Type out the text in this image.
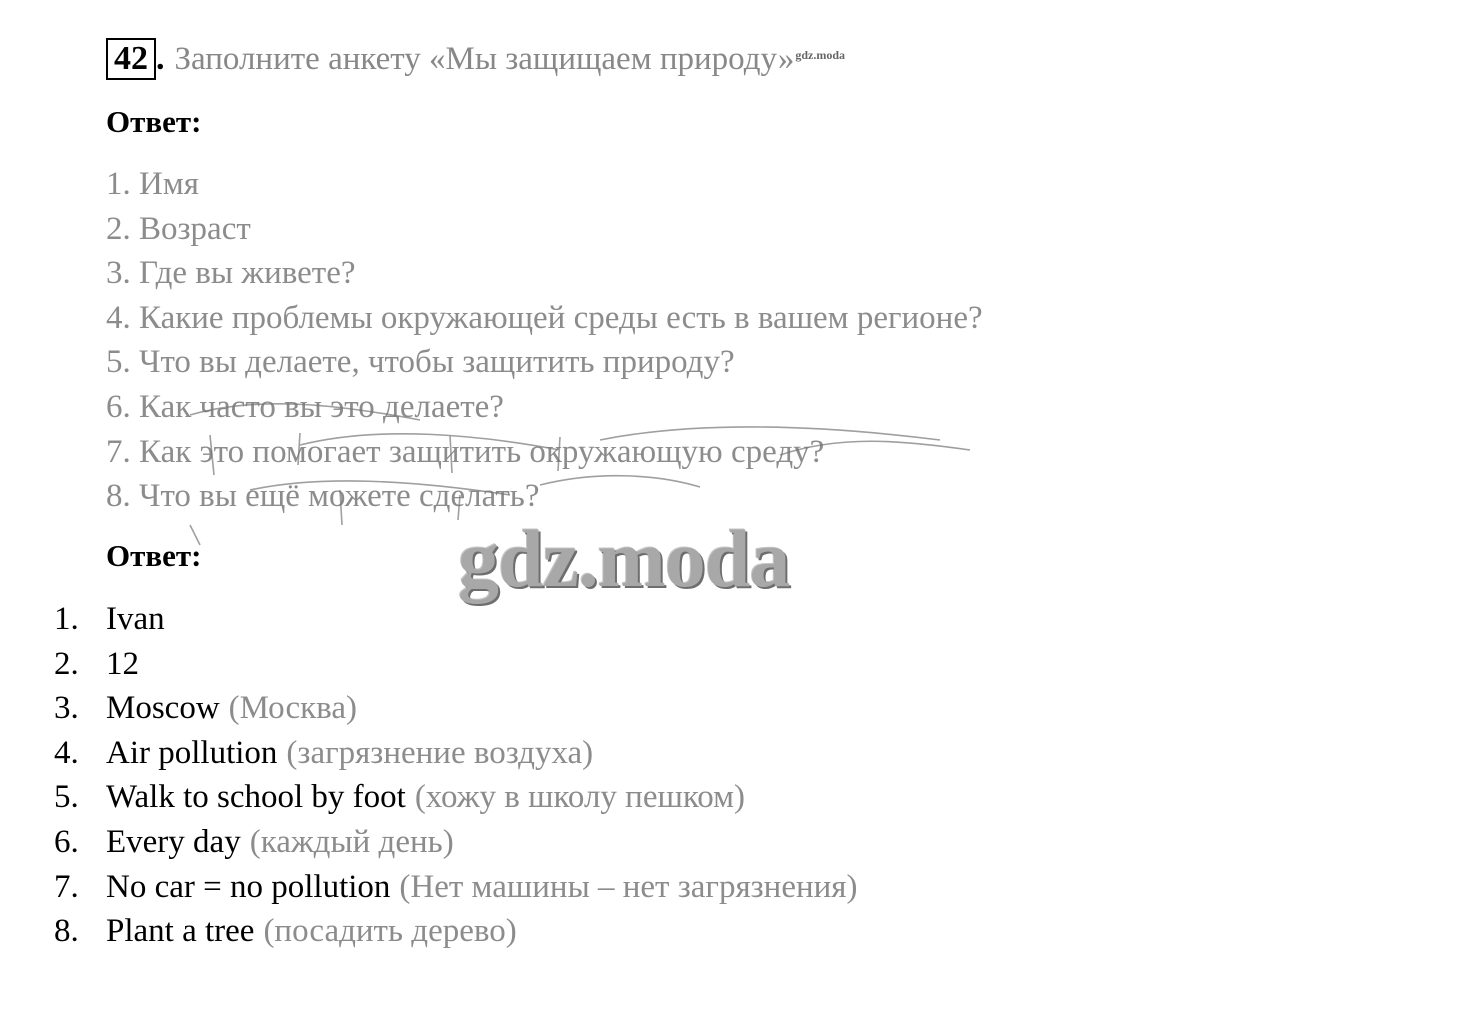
42 . Заполните анкету «Мы защищаем природу» gdz.moda
Ответ:
1. Имя
2. Возраст
3. Где вы живете?
4. Какие проблемы окружающей среды есть в вашем регионе?
5. Что вы делаете, чтобы защитить природу?
6. Как часто вы это делаете?
7. Как это помогает защитить окружающую среду?
8. Что вы ещё можете сделать?
Ответ:	gdz.moda
1. Ivan
2. 12
3. Moscow (Москва)
4. Air pollution (загрязнение воздуха)
5. Walk to school by foot (хожу в школу пешком)
6. Every day (каждый день)
7. No car = no pollution (Нет машины – нет загрязнения)
8. Plant a tree (посадить дерево)
